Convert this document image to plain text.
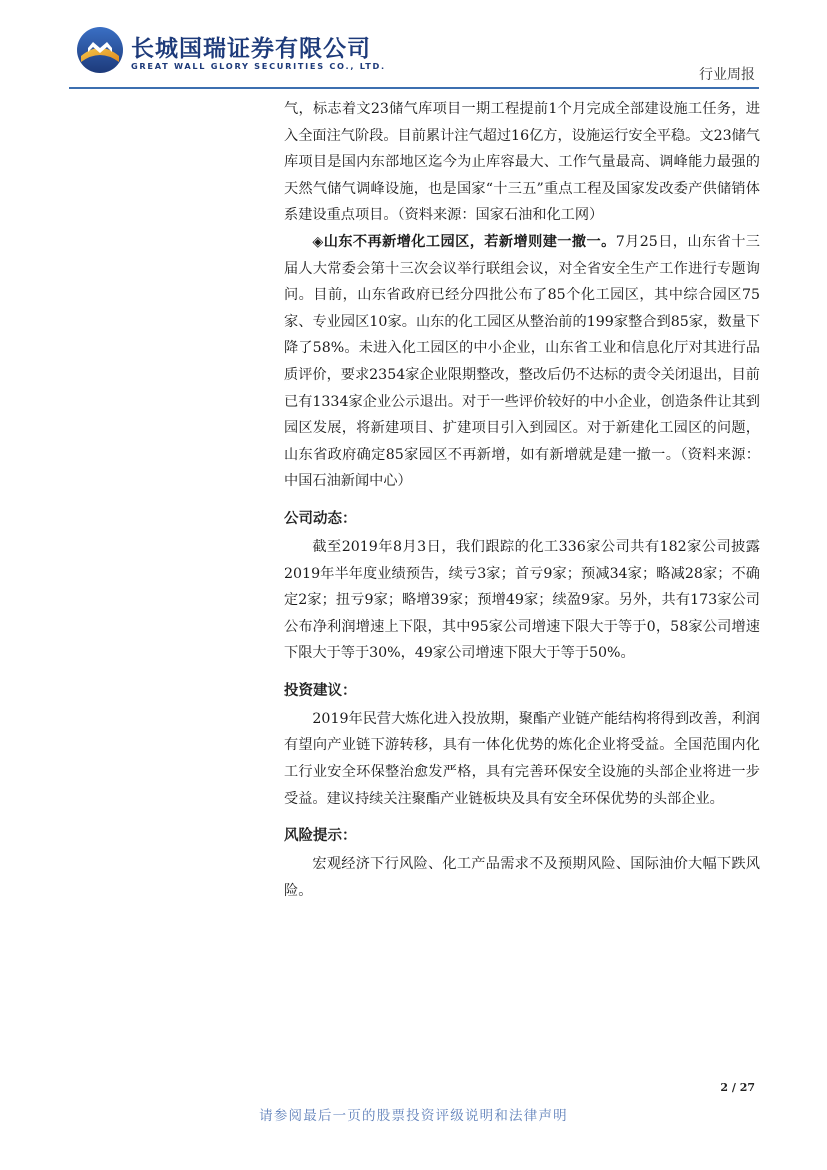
长城国瑞证券有限公司
GREAT WALL GLORY SECURITIES CO., LTD.
行业周报

气，标志着文23储气库项目一期工程提前1个月完成全部建设施工任务，进入全面注气阶段。目前累计注气超过16亿方，设施运行安全平稳。文23储气库项目是国内东部地区迄今为止库容最大、工作气量最高、调峰能力最强的天然气储气调峰设施，也是国家“十三五”重点工程及国家发改委产供储销体系建设重点项目。（资料来源：国家石油和化工网）

◈山东不再新增化工园区，若新增则建一撤一。7月25日，山东省十三届人大常委会第十三次会议举行联组会议，对全省安全生产工作进行专题询问。目前，山东省政府已经分四批公布了85个化工园区，其中综合园区75家、专业园区10家。山东的化工园区从整治前的199家整合到85家，数量下降了58%。未进入化工园区的中小企业，山东省工业和信息化厅对其进行品质评价，要求2354家企业限期整改，整改后仍不达标的责令关闭退出，目前已有1334家企业公示退出。对于一些评价较好的中小企业，创造条件让其到园区发展，将新建项目、扩建项目引入到园区。对于新建化工园区的问题，山东省政府确定85家园区不再新增，如有新增就是建一撤一。（资料来源：中国石油新闻中心）

公司动态：

截至2019年8月3日，我们跟踪的化工336家公司共有182家公司披露2019年半年度业绩预告，续亏3家；首亏9家；预减34家；略减28家；不确定2家；扭亏9家；略增39家；预增49家；续盈9家。另外，共有173家公司公布净利润增速上下限，其中95家公司增速下限大于等于0，58家公司增速下限大于等于30%，49家公司增速下限大于等于50%。

投资建议：

2019年民营大炼化进入投放期，聚酯产业链产能结构将得到改善，利润有望向产业链下游转移，具有一体化优势的炼化企业将受益。全国范围内化工行业安全环保整治愈发严格，具有完善环保安全设施的头部企业将进一步受益。建议持续关注聚酯产业链板块及具有安全环保优势的头部企业。

风险提示：

宏观经济下行风险、化工产品需求不及预期风险、国际油价大幅下跌风险。

2 / 27
请参阅最后一页的股票投资评级说明和法律声明
